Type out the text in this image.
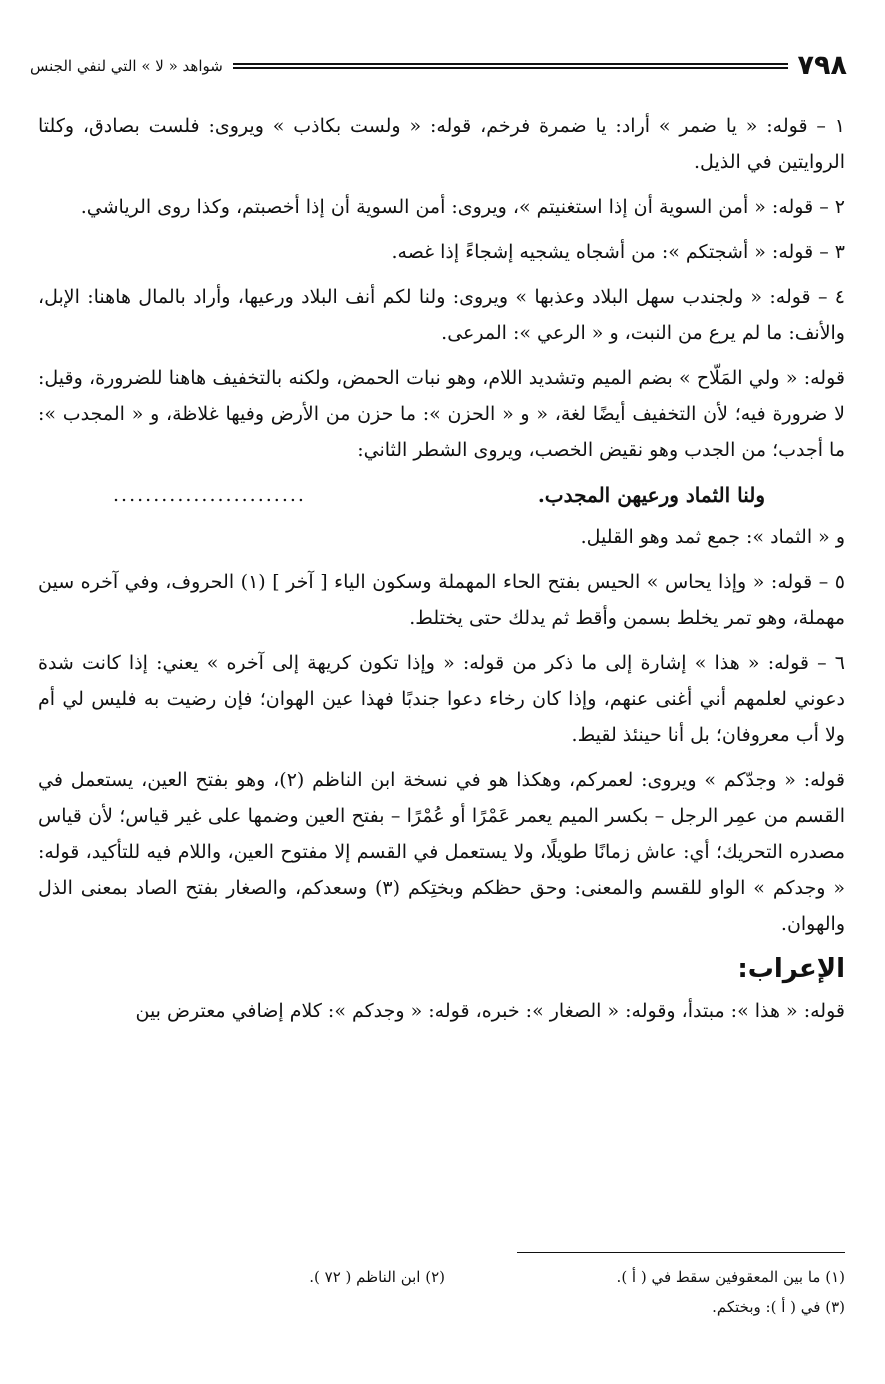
٧٩٨
شواهد « لا » التي لنفي الجنس

١ – قوله: « يا ضمر » أراد: يا ضمرة فرخم، قوله: « ولست بكاذب » ويروى: فلست بصادق، وكلتا الروايتين في الذيل.

٢ – قوله: « أمن السوية أن إذا استغنيتم »، ويروى: أمن السوية أن إذا أخصبتم، وكذا روى الرياشي.

٣ – قوله: « أشجتكم »: من أشجاه يشجيه إشجاءً إذا غصه.

٤ – قوله: « ولجندب سهل البلاد وعذبها » ويروى: ولنا لكم أنف البلاد ورعيها، وأراد بالمال هاهنا: الإبل، والأنف: ما لم يرع من النبت، و « الرعي »: المرعى.

قوله: « ولي المَلّاح » بضم الميم وتشديد اللام، وهو نبات الحمض، ولكنه بالتخفيف هاهنا للضرورة، وقيل: لا ضرورة فيه؛ لأن التخفيف أيضًا لغة، « و « الحزن »: ما حزن من الأرض وفيها غلاظة، و « المجدب »: ما أجدب؛ من الجدب وهو نقيض الخصب، ويروى الشطر الثاني:

ولنا الثماد ورعيهن المجدب.
........................

و « الثماد »: جمع ثمد وهو القليل.

٥ – قوله: « وإذا يحاس » الحيس بفتح الحاء المهملة وسكون الياء [ آخر ] (١) الحروف، وفي آخره سين مهملة، وهو تمر يخلط بسمن وأقط ثم يدلك حتى يختلط.

٦ – قوله: « هذا » إشارة إلى ما ذكر من قوله: « وإذا تكون كريهة إلى آخره » يعني: إذا كانت شدة دعوني لعلمهم أني أغنى عنهم، وإذا كان رخاء دعوا جندبًا فهذا عين الهوان؛ فإن رضيت به فليس لي أم ولا أب معروفان؛ بل أنا حينئذ لقيط.

قوله: « وجدّكم » ويروى: لعمركم، وهكذا هو في نسخة ابن الناظم (٢)، وهو بفتح العين، يستعمل في القسم من عمِر الرجل – بكسر الميم يعمر عَمْرًا أو عُمْرًا – بفتح العين وضمها على غير قياس؛ لأن قياس مصدره التحريك؛ أي: عاش زمانًا طويلًا، ولا يستعمل في القسم إلا مفتوح العين، واللام فيه للتأكيد، قوله: « وجدكم » الواو للقسم والمعنى: وحق حظكم وبختِكم (٣) وسعدكم، والصغار بفتح الصاد بمعنى الذل والهوان.

الإعراب:

قوله: « هذا »: مبتدأ، وقوله: « الصغار »: خبره، قوله: « وجدكم »: كلام إضافي معترض بين

(١) ما بين المعقوفين سقط في ( أ ).
(٢) ابن الناظم ( ٧٢ ).
(٣) في ( أ ): وبختكم.
